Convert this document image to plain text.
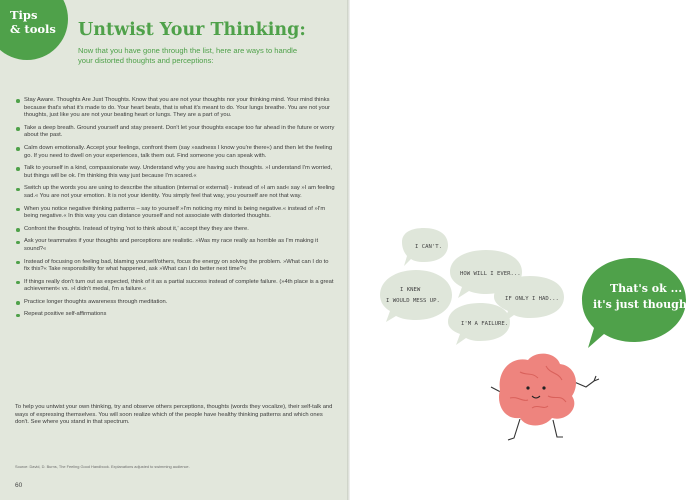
Tips
& tools Untwist Your Thinking:
Now that you have gone through the list, here are ways to handle your distorted thoughts and perceptions:
Stay Aware. Thoughts Are Just Thoughts. Know that you are not your thoughts nor your thinking mind. Your mind thinks because that's what it's made to do. Your heart beats, that is what it's meant to do. Your lungs breathe. You are not your thoughts, just like you are not your beating heart or lungs. They are a part of you.
Take a deep breath. Ground yourself and stay present. Don't let your thoughts escape too far ahead in the future or worry about the past.
Calm down emotionally. Accept your feelings, confront them (say »sadness I know you're there«) and then let the feeling go. If you need to dwell on your experiences, talk them out. Find someone you can speak with.
Talk to yourself in a kind, compassionate way. Understand why you are having such thoughts. »I understand I'm worried, but things will be ok. I'm thinking this way just because I'm scared.«
Switch up the words you are using to describe the situation (internal or external) - instead of »I am sad« say »I am feeling sad.« You are not your emotion. It is not your identity. You simply feel that way, you yourself are not that way.
When you notice negative thinking patterns – say to yourself »I'm noticing my mind is being negative.« instead of »I'm being negative.« In this way you can distance yourself and not associate with distorted thoughts.
Confront the thoughts. Instead of trying 'not to think about it,' accept they they are there.
Ask your teammates if your thoughts and perceptions are realistic. »Was my race really as horrible as I'm making it sound?«
Instead of focusing on feeling bad, blaming yourself/others, focus the energy on solving the problem. »What can I do to fix this?« Take responsibility for what happened, ask »What can I do better next time?«
If things really don't turn out as expected, think of it as a partial success instead of complete failure. (»4th place is a great achievement« vs. »I didn't medal, I'm a failure.«
Practice longer thoughts awareness through meditation.
Repeat positive self-affirmations
To help you untwist your own thinking, try and observe others perceptions, thoughts (words they vocalize), their self-talk and ways of expressing themselves. You will soon realize which of the people have healthy thinking patterns and which ones don't. See where you stand in that spectrum.
Source: David, D. Burns, The Feeling Good Handbook. Explanations adjusted to swimming audience.
60
I CAN'T.
HOW WILL I EVER...
I KNEW
I WOULD MESS UP.	IF ONLY I HAD...
I'M A FAILURE.
That's ok ...
it's just thoughts
